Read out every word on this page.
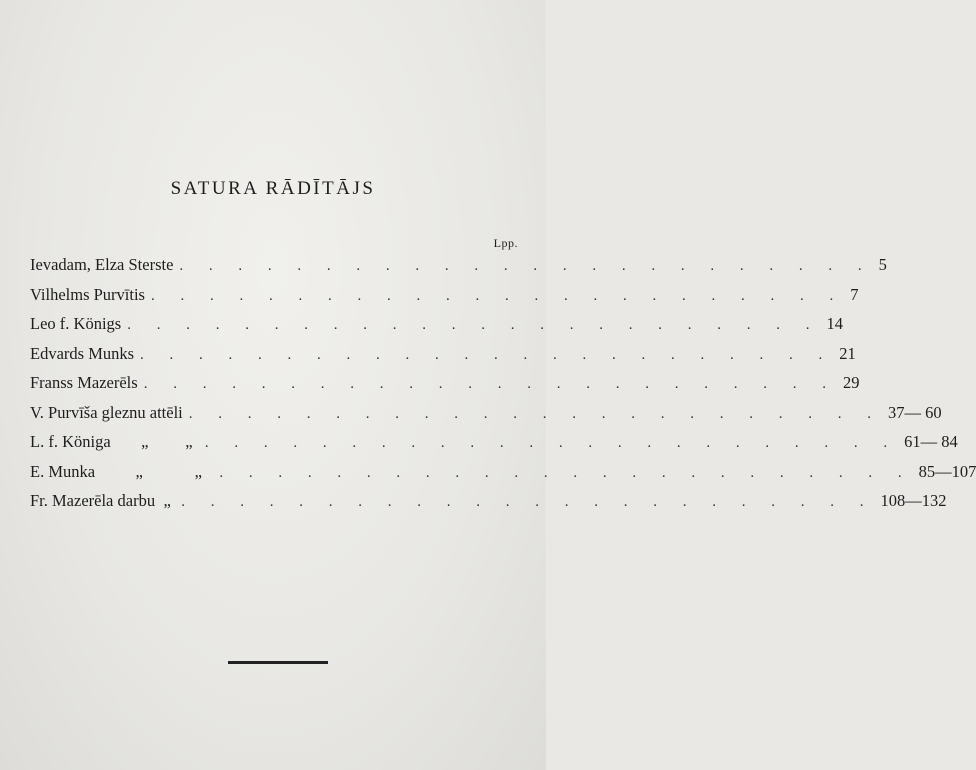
SATURA RĀDĪTĀJS
Lpp.
Ievadam, Elza Sterste . . . . . . . . . . . . . . . . . . . . . . . . 5
Vilhelms Purvītis . . . . . . . . . . . . . . . . . . . . . . . . 7
Leo f. Königs . . . . . . . . . . . . . . . . . . . . . . . . 14
Edvards Munks . . . . . . . . . . . . . . . . . . . . . . . . 21
Franss Mazerēls . . . . . . . . . . . . . . . . . . . . . . . . 29
V. Purvīša gleznu attēli . . . . . . . . . . . . . . . . . . . . . . . . 37— 60
L. f. Königa „ „ . . . . . . . . . . . . . . . . . . . . . . . . 61— 84
E. Munka „	„	. . . . . . . . . . . . . . . . . . . . . . . . 85—107
Fr. Mazerēla darbu „ . . . . . . . . . . . . . . . . . . . . . . . . 108—132
